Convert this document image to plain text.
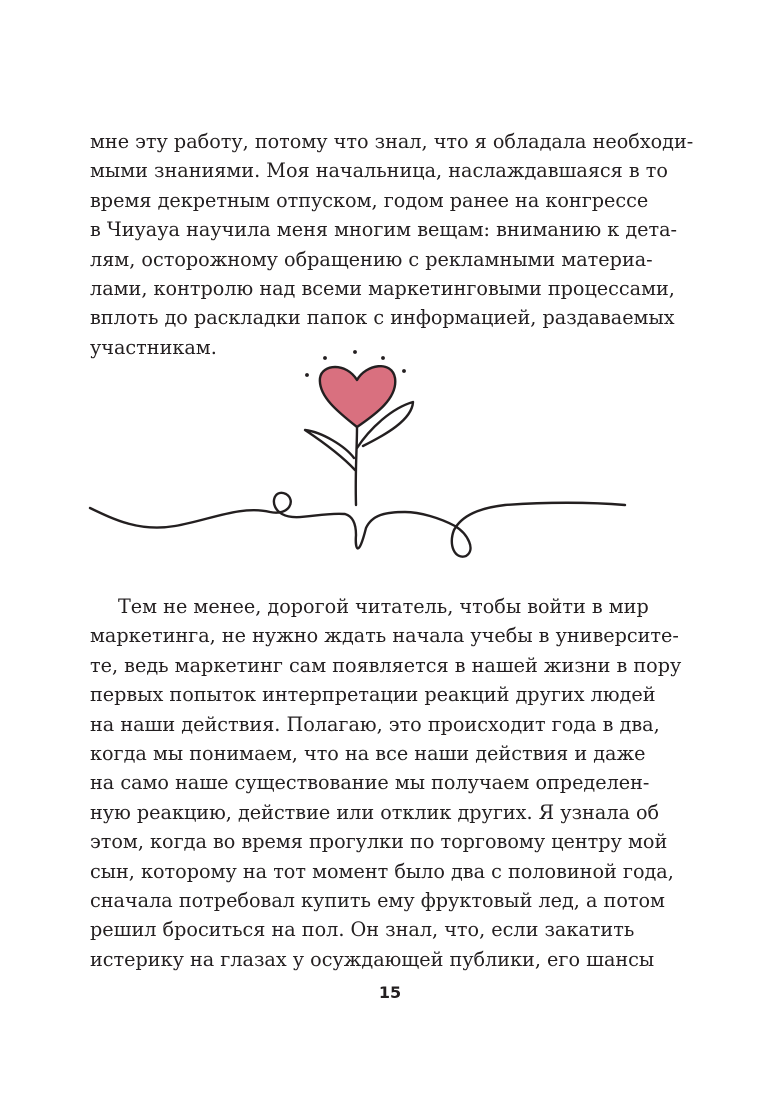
мне эту работу, потому что знал, что я обладала необходи-
мыми знаниями. Моя начальница, наслаждавшаяся в то
время декретным отпуском, годом ранее на конгрессе
в Чиуауа научила меня многим вещам: вниманию к дета-
лям, осторожному обращению с рекламными материа-
лами, контролю над всеми маркетинговыми процессами,
вплоть до раскладки папок с информацией, раздаваемых
участникам.
Тем не менее, дорогой читатель, чтобы войти в мир
маркетинга, не нужно ждать начала учебы в университе-
те, ведь маркетинг сам появляется в нашей жизни в пору
первых попыток интерпретации реакций других людей
на наши действия. Полагаю, это происходит года в два,
когда мы понимаем, что на все наши действия и даже
на само наше существование мы получаем определен-
ную реакцию, действие или отклик других. Я узнала об
этом, когда во время прогулки по торговому центру мой
сын, которому на тот момент было два с половиной года,
сначала потребовал купить ему фруктовый лед, а потом
решил броситься на пол. Он знал, что, если закатить
истерику на глазах у осуждающей публики, его шансы
15
